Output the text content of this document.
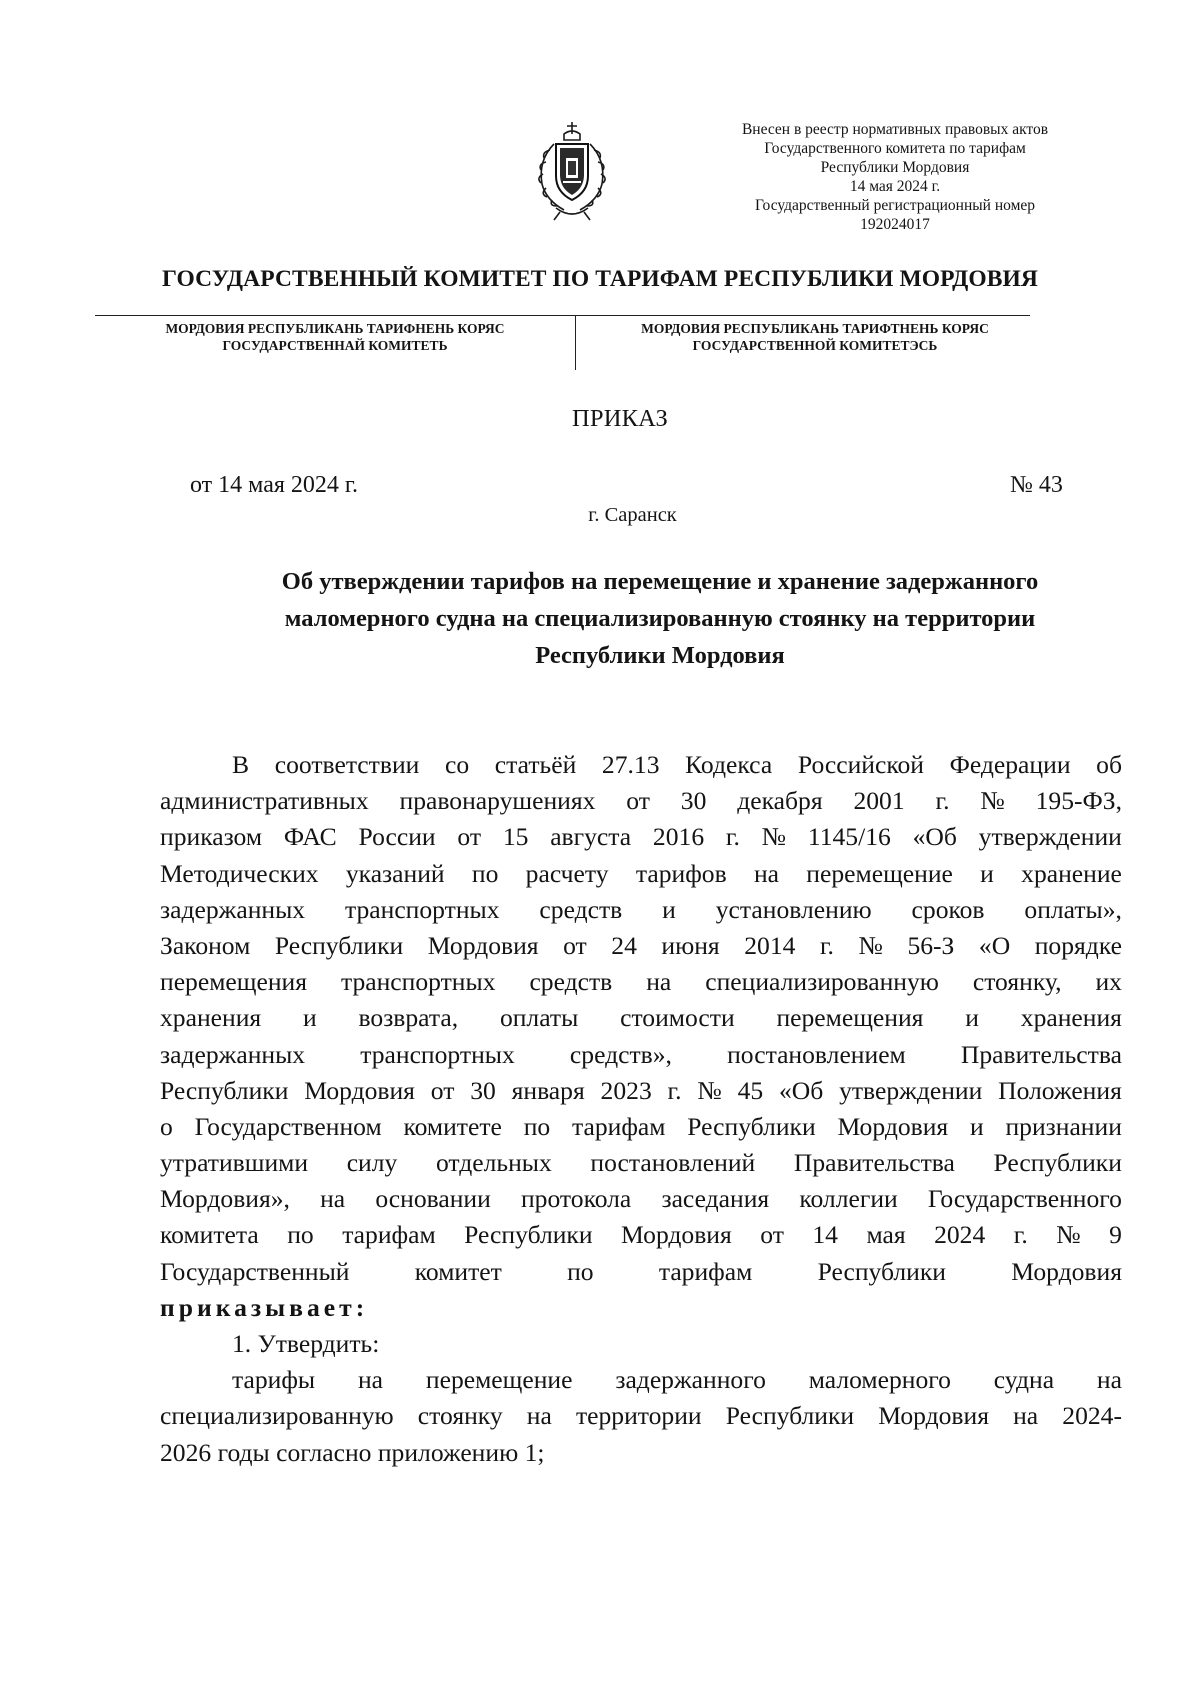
Внесен в реестр нормативных правовых актов
Государственного комитета по тарифам
Республики Мордовия
14 мая 2024 г.
Государственный регистрационный номер
192024017
ГОСУДАРСТВЕННЫЙ КОМИТЕТ ПО ТАРИФАМ РЕСПУБЛИКИ МОРДОВИЯ
МОРДОВИЯ РЕСПУБЛИКАНЬ ТАРИФНЕНЬ КОРЯС
ГОСУДАРСТВЕННАЙ КОМИТЕТЬ
МОРДОВИЯ РЕСПУБЛИКАНЬ ТАРИФТНЕНЬ КОРЯС
ГОСУДАРСТВЕННОЙ КОМИТЕТЭСЬ
ПРИКАЗ
от 14 мая 2024 г.	№ 43
г. Саранск
Об утверждении тарифов на перемещение и хранение задержанного
маломерного судна на специализированную стоянку на территории
Республики Мордовия
В соответствии со статьёй 27.13 Кодекса Российской Федерации об
административных правонарушениях от 30 декабря 2001 г. № 195-ФЗ,
приказом ФАС России от 15 августа 2016 г. № 1145/16 «Об утверждении
Методических указаний по расчету тарифов на перемещение и хранение
задержанных транспортных средств и установлению сроков оплаты»,
Законом Республики Мордовия от 24 июня 2014 г. № 56-З «О порядке
перемещения транспортных средств на специализированную стоянку, их
хранения и возврата, оплаты стоимости перемещения и хранения
задержанных транспортных средств», постановлением Правительства
Республики Мордовия от 30 января 2023 г. № 45 «Об утверждении Положения
о Государственном комитете по тарифам Республики Мордовия и признании
утратившими силу отдельных постановлений Правительства Республики
Мордовия», на основании протокола заседания коллегии Государственного
комитета по тарифам Республики Мордовия от 14 мая 2024 г. № 9
Государственный	комитет	по	тарифам	Республики	Мордовия
приказывает:
1. Утвердить:
тарифы на перемещение задержанного маломерного судна на
специализированную стоянку на территории Республики Мордовия на 2024-
2026 годы согласно приложению 1;
